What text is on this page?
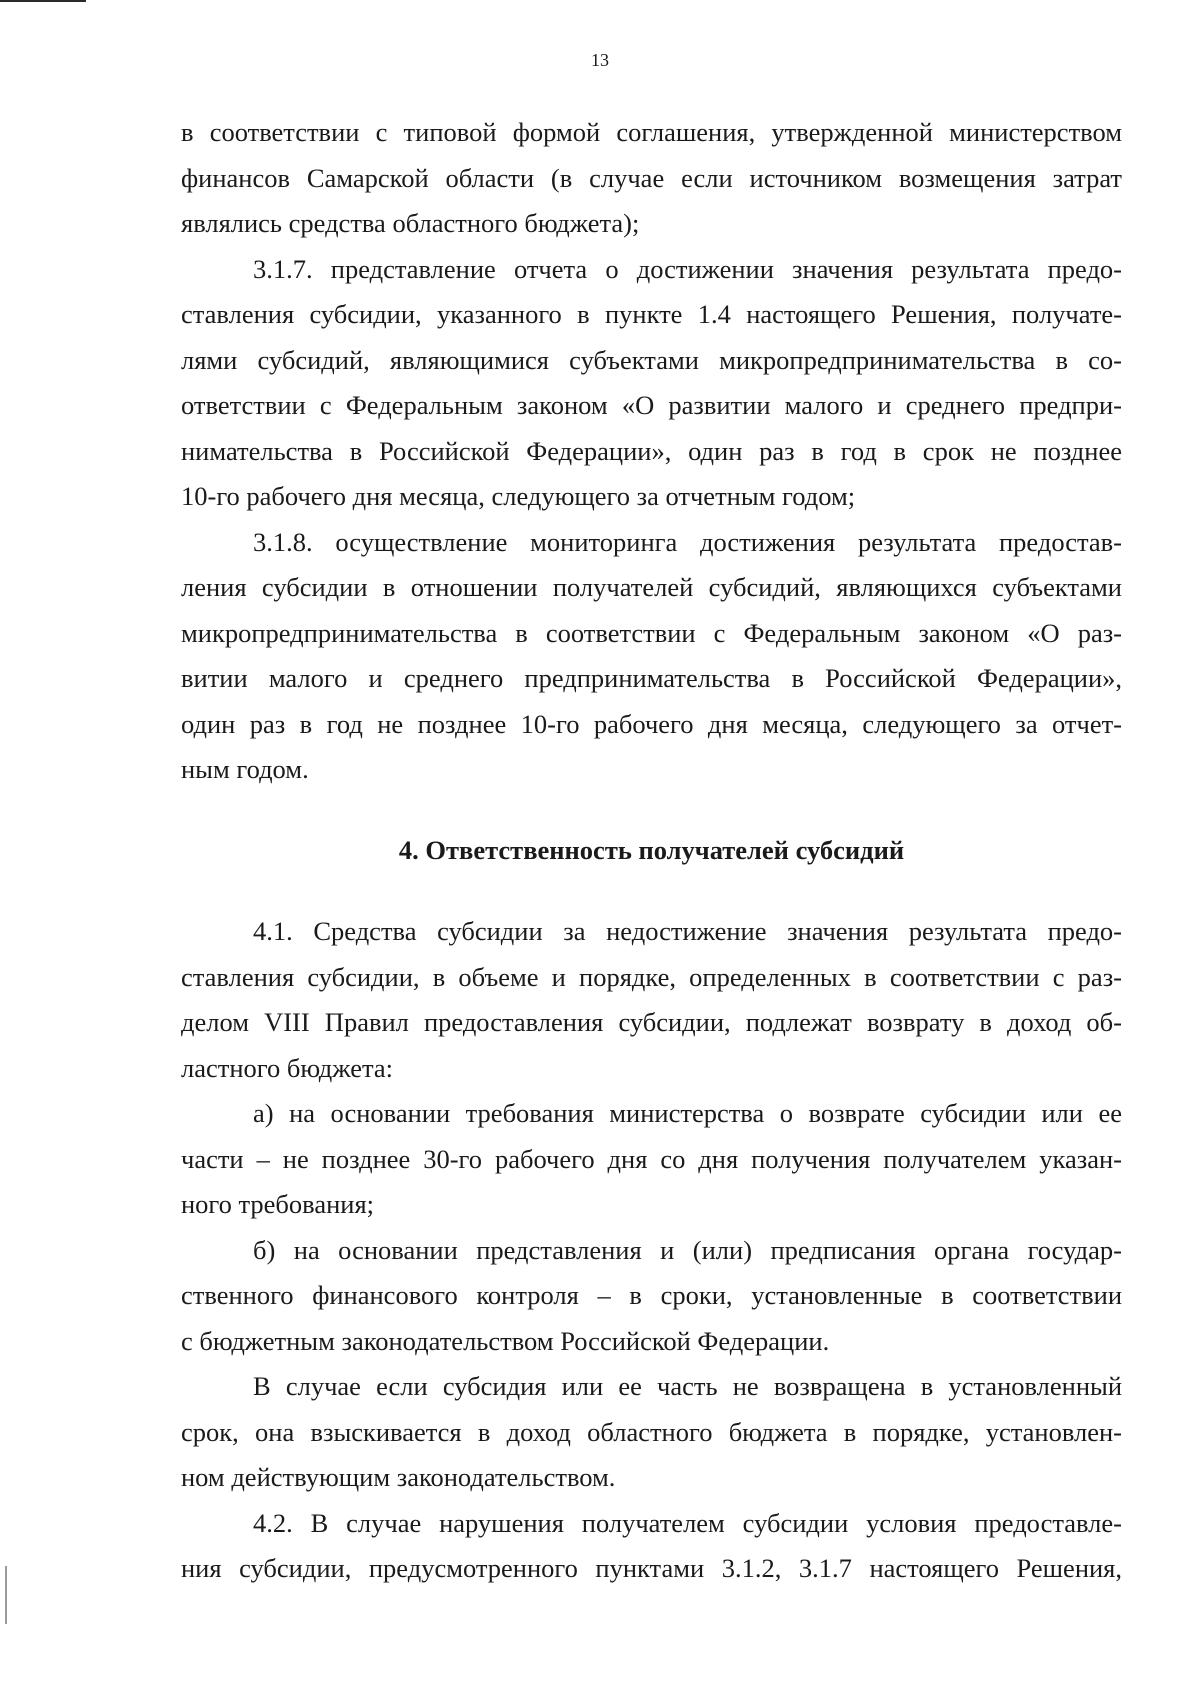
13

в соответствии с типовой формой соглашения, утвержденной министерством
финансов Самарской области (в случае если источником возмещения затрат
являлись средства областного бюджета);

3.1.7. представление отчета о достижении значения результата предо-
ставления субсидии, указанного в пункте 1.4 настоящего Решения, получате-
лями субсидий, являющимися субъектами микропредпринимательства в со-
ответствии с Федеральным законом «О развитии малого и среднего предпри-
нимательства в Российской Федерации», один раз в год в срок не позднее
10-го рабочего дня месяца, следующего за отчетным годом;

3.1.8. осуществление мониторинга достижения результата предостав-
ления субсидии в отношении получателей субсидий, являющихся субъектами
микропредпринимательства в соответствии с Федеральным законом «О раз-
витии малого и среднего предпринимательства в Российской Федерации»,
один раз в год не позднее 10-го рабочего дня месяца, следующего за отчет-
ным годом.

4. Ответственность получателей субсидий

4.1. Средства субсидии за недостижение значения результата предо-
ставления субсидии, в объеме и порядке, определенных в соответствии с раз-
делом VIII Правил предоставления субсидии, подлежат возврату в доход об-
ластного бюджета:

а) на основании требования министерства о возврате субсидии или ее
части – не позднее 30-го рабочего дня со дня получения получателем указан-
ного требования;

б) на основании представления и (или) предписания органа государ-
ственного финансового контроля – в сроки, установленные в соответствии
с бюджетным законодательством Российской Федерации.

В случае если субсидия или ее часть не возвращена в установленный
срок, она взыскивается в доход областного бюджета в порядке, установлен-
ном действующим законодательством.

4.2. В случае нарушения получателем субсидии условия предоставле-
ния субсидии, предусмотренного пунктами 3.1.2, 3.1.7 настоящего Решения,
